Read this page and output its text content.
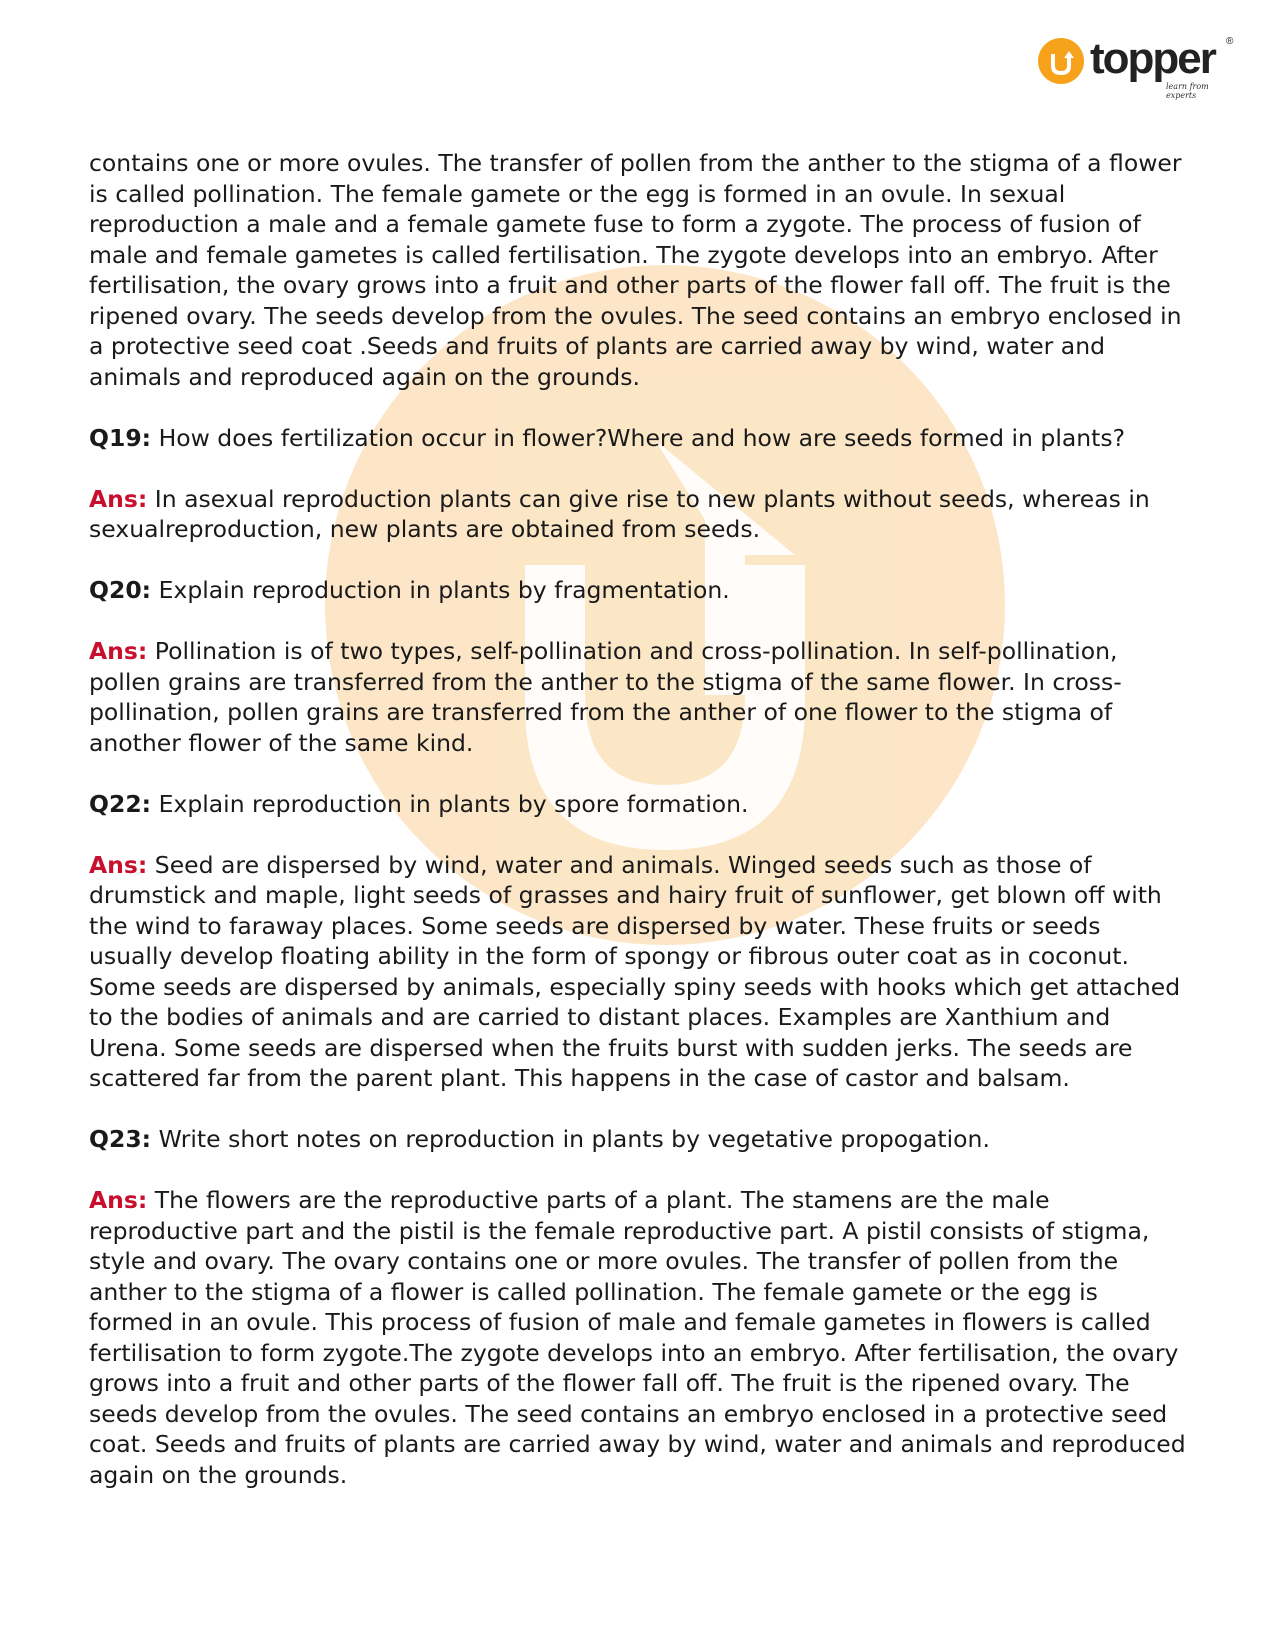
topper ®
learn from experts

contains one or more ovules. The transfer of pollen from the anther to the stigma of a flower is called pollination. The female gamete or the egg is formed in an ovule. In sexual reproduction a male and a female gamete fuse to form a zygote. The process of fusion of male and female gametes is called fertilisation. The zygote develops into an embryo. After fertilisation, the ovary grows into a fruit and other parts of the flower fall off. The fruit is the ripened ovary. The seeds develop from the ovules. The seed contains an embryo enclosed in a protective seed coat .Seeds and fruits of plants are carried away by wind, water and animals and reproduced again on the grounds.

Q19: How does fertilization occur in flower?Where and how are seeds formed in plants?

Ans: In asexual reproduction plants can give rise to new plants without seeds, whereas in sexualreproduction, new plants are obtained from seeds.

Q20: Explain reproduction in plants by fragmentation.

Ans: Pollination is of two types, self-pollination and cross-pollination. In self-pollination, pollen grains are transferred from the anther to the stigma of the same flower. In cross-pollination, pollen grains are transferred from the anther of one flower to the stigma of another flower of the same kind.

Q22: Explain reproduction in plants by spore formation.

Ans: Seed are dispersed by wind, water and animals. Winged seeds such as those of drumstick and maple, light seeds of grasses and hairy fruit of sunflower, get blown off with the wind to faraway places. Some seeds are dispersed by water. These fruits or seeds usually develop floating ability in the form of spongy or fibrous outer coat as in coconut. Some seeds are dispersed by animals, especially spiny seeds with hooks which get attached to the bodies of animals and are carried to distant places. Examples are Xanthium and Urena. Some seeds are dispersed when the fruits burst with sudden jerks. The seeds are scattered far from the parent plant. This happens in the case of castor and balsam.

Q23: Write short notes on reproduction in plants by vegetative propogation.

Ans: The flowers are the reproductive parts of a plant. The stamens are the male reproductive part and the pistil is the female reproductive part. A pistil consists of stigma, style and ovary. The ovary contains one or more ovules. The transfer of pollen from the anther to the stigma of a flower is called pollination. The female gamete or the egg is formed in an ovule. This process of fusion of male and female gametes in flowers is called fertilisation to form zygote.The zygote develops into an embryo. After fertilisation, the ovary grows into a fruit and other parts of the flower fall off. The fruit is the ripened ovary. The seeds develop from the ovules. The seed contains an embryo enclosed in a protective seed coat. Seeds and fruits of plants are carried away by wind, water and animals and reproduced again on the grounds.
